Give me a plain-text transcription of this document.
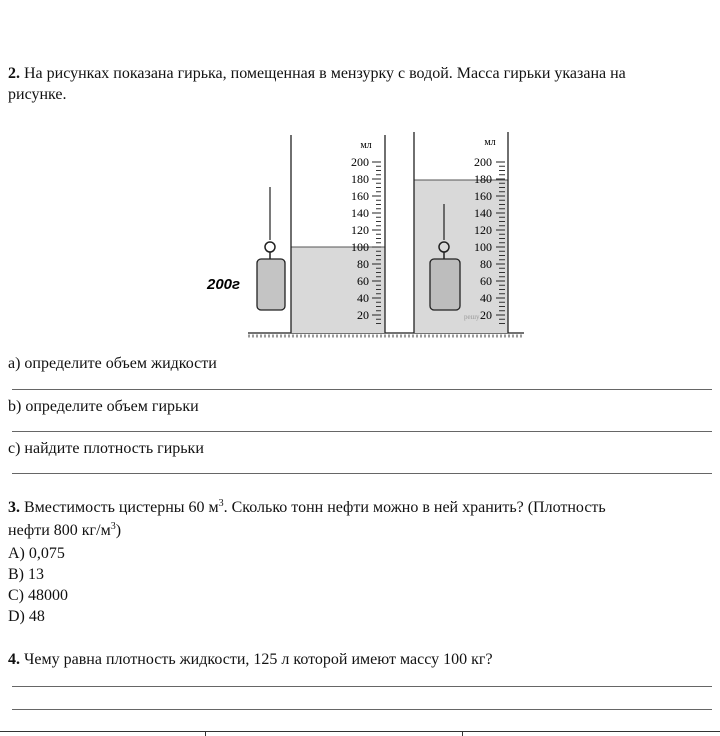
2. На рисунках показана гирька, помещенная в мензурку с водой. Масса гирьки указана на
рисунке.
мл
200
180
160
140
120
100
80
60
40
20
200г
мл
200
180
160
140
120
100
80
60
40
20
решу
а) определите объем жидкости
b) определите объем гирьки
c) найдите плотность гирьки
3. Вместимость цистерны 60 $м^3$. Сколько тонн нефти можно в ней хранить? (Плотность
нефти 800 $кг/м^3$)
А) 0,075
В) 13
С) 48000
D) 48
4. Чему равна плотность жидкости, 125 л которой имеют массу 100 кг?
